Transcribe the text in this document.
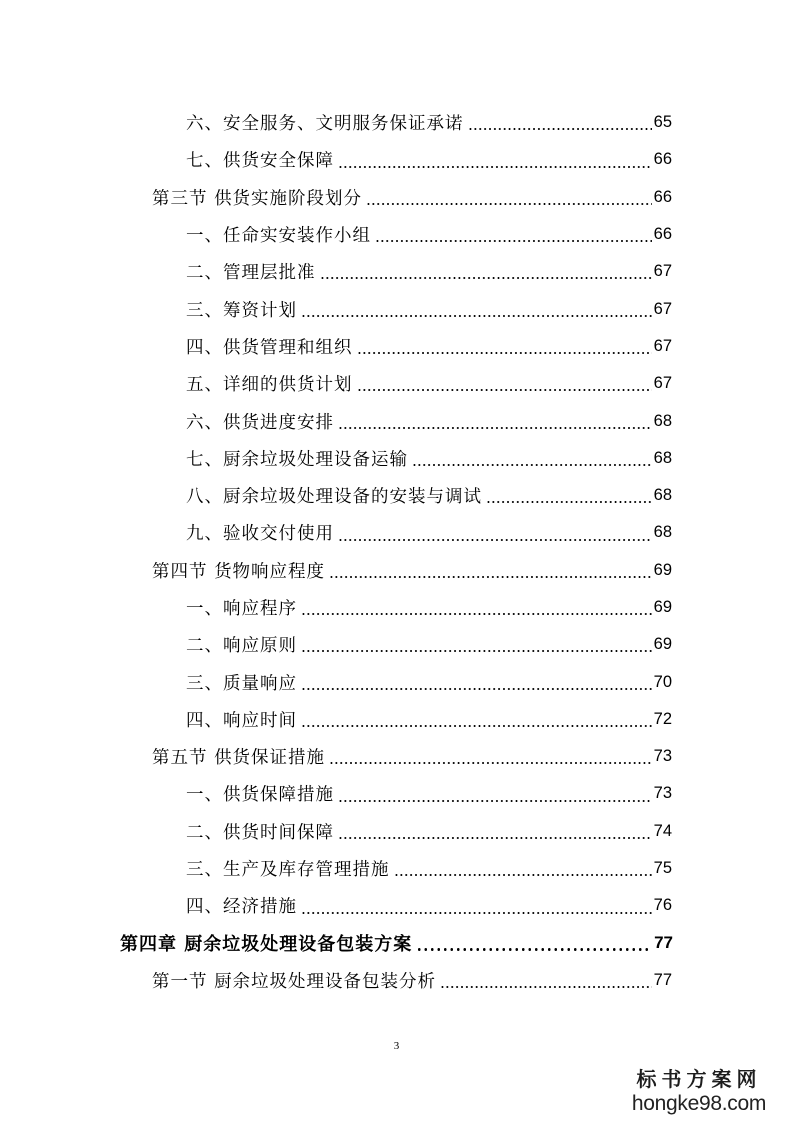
六、安全服务、文明服务保证承诺	65
七、供货安全保障	66
第三节 供货实施阶段划分	66
一、任命实安装作小组	66
二、管理层批准	67
三、筹资计划	67
四、供货管理和组织	67
五、详细的供货计划	67
六、供货进度安排	68
七、厨余垃圾处理设备运输	68
八、厨余垃圾处理设备的安装与调试	68
九、验收交付使用	68
第四节 货物响应程度	69
一、响应程序	69
二、响应原则	69
三、质量响应	70
四、响应时间	72
第五节 供货保证措施	73
一、供货保障措施	73
二、供货时间保障	74
三、生产及库存管理措施	75
四、经济措施	76
第四章 厨余垃圾处理设备包装方案	77
第一节 厨余垃圾处理设备包装分析	77
3
标书方案网
hongke98.com
